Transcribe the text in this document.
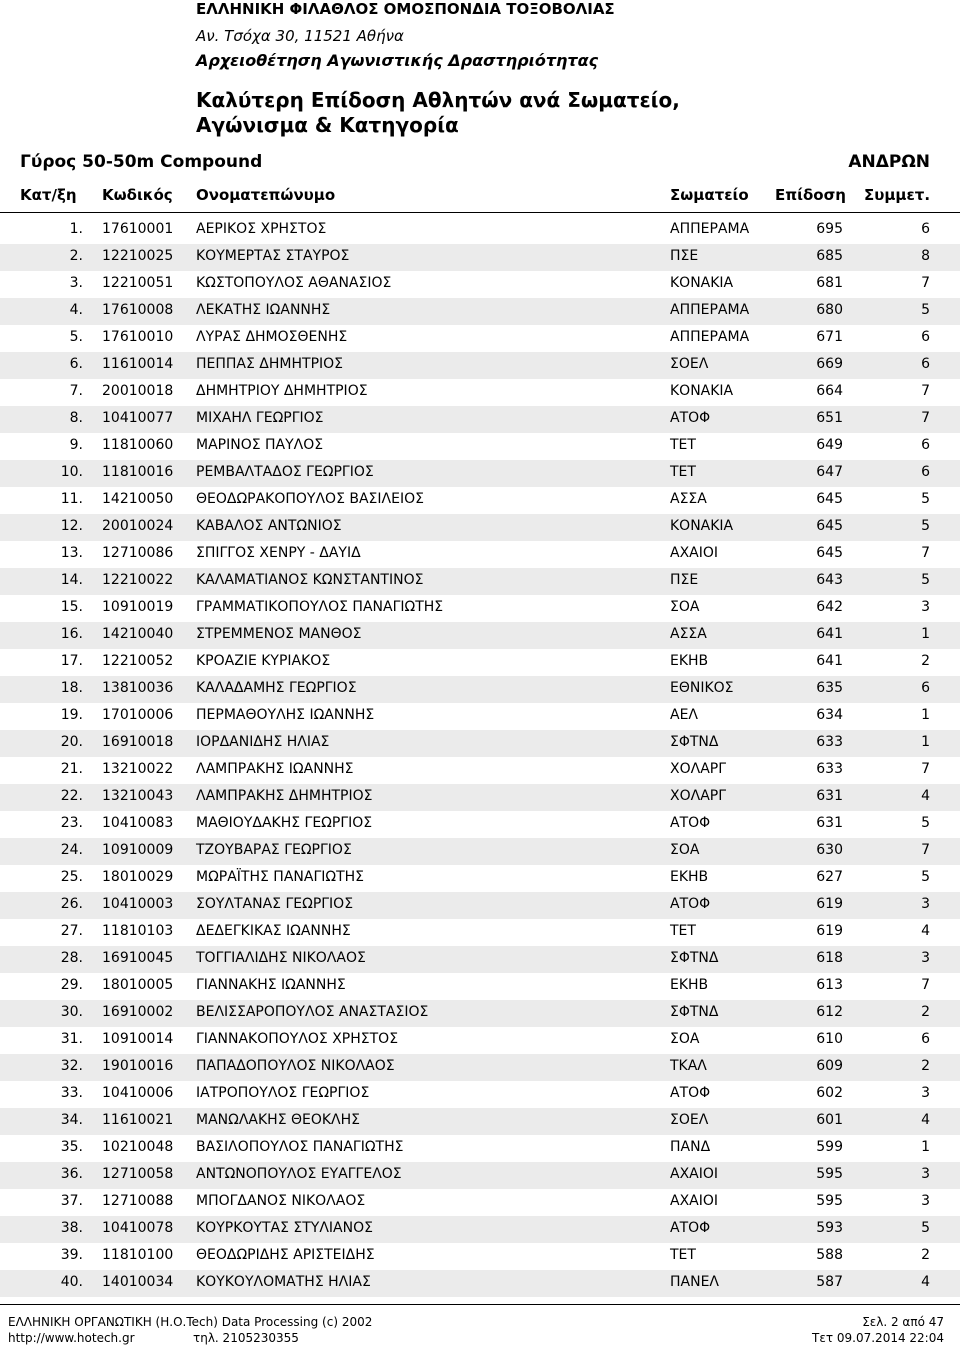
ΕΛΛΗΝΙΚΗ ΦΙΛΑΘΛΟΣ ΟΜΟΣΠΟΝΔΙΑ ΤΟΞΟΒΟΛΙΑΣ
Αν. Τσόχα 30, 11521 Αθήνα
Αρχειοθέτηση Αγωνιστικής Δραστηριότητας
Καλύτερη Επίδοση Αθλητών ανά Σωματείο,
Αγώνισμα & Κατηγορία
Γύρος 50-50m Compound	ΑΝΔΡΩΝ
Κατ/ξη Κωδικός Ονοματεπώνυμο	Σωματείο Επίδοση Συμμετ.
1. 17610001 ΑΕΡΙΚΟΣ ΧΡΗΣΤΟΣ	ΑΠΠΕΡΑΜΑ	695	6
2. 12210025 ΚΟΥΜΕΡΤΑΣ ΣΤΑΥΡΟΣ	ΠΣΕ	685	8
3. 12210051 ΚΩΣΤΟΠΟΥΛΟΣ ΑΘΑΝΑΣΙΟΣ	ΚΟΝΑΚΙΑ	681	7
4. 17610008 ΛΕΚΑΤΗΣ ΙΩΑΝΝΗΣ	ΑΠΠΕΡΑΜΑ	680	5
5. 17610010 ΛΥΡΑΣ ΔΗΜΟΣΘΕΝΗΣ	ΑΠΠΕΡΑΜΑ	671	6
6. 11610014 ΠΕΠΠΑΣ ΔΗΜΗΤΡΙΟΣ	ΣΟΕΛ	669	6
7. 20010018 ΔΗΜΗΤΡΙΟΥ ΔΗΜΗΤΡΙΟΣ	ΚΟΝΑΚΙΑ	664	7
8. 10410077 ΜΙΧΑΗΛ ΓΕΩΡΓΙΟΣ	ΑΤΟΦ	651	7
9. 11810060 ΜΑΡΙΝΟΣ ΠΑΥΛΟΣ	ΤΕΤ	649	6
10. 11810016 ΡΕΜΒΑΛΤΑΔΟΣ ΓΕΩΡΓΙΟΣ	ΤΕΤ	647	6
11. 14210050 ΘΕΟΔΩΡΑΚΟΠΟΥΛΟΣ ΒΑΣΙΛΕΙΟΣ	ΑΣΣΑ	645	5
12. 20010024 ΚΑΒΑΛΟΣ ΑΝΤΩΝΙΟΣ	ΚΟΝΑΚΙΑ	645	5
13. 12710086 ΣΠΙΓΓΟΣ ΧΕΝΡΥ - ΔΑΥΙΔ	ΑΧΑΙΟΙ	645	7
14. 12210022 ΚΑΛΑΜΑΤΙΑΝΟΣ ΚΩΝΣΤΑΝΤΙΝΟΣ	ΠΣΕ	643	5
15. 10910019 ΓΡΑΜΜΑΤΙΚΟΠΟΥΛΟΣ ΠΑΝΑΓΙΩΤΗΣ	ΣΟΑ	642	3
16. 14210040 ΣΤΡΕΜΜΕΝΟΣ ΜΑΝΘΟΣ	ΑΣΣΑ	641	1
17. 12210052 ΚΡΟΑΖΙΕ ΚΥΡΙΑΚΟΣ	ΕΚΗΒ	641	2
18. 13810036 ΚΑΛΑΔΑΜΗΣ ΓΕΩΡΓΙΟΣ	ΕΘΝΙΚΟΣ	635	6
19. 17010006 ΠΕΡΜΑΘΟΥΛΗΣ ΙΩΑΝΝΗΣ	ΑΕΛ	634	1
20. 16910018 ΙΟΡΔΑΝΙΔΗΣ ΗΛΙΑΣ	ΣΦΤΝΔ	633	1
21. 13210022 ΛΑΜΠΡΑΚΗΣ ΙΩΑΝΝΗΣ	ΧΟΛΑΡΓ	633	7
22. 13210043 ΛΑΜΠΡΑΚΗΣ ΔΗΜΗΤΡΙΟΣ	ΧΟΛΑΡΓ	631	4
23. 10410083 ΜΑΘΙΟΥΔΑΚΗΣ ΓΕΩΡΓΙΟΣ	ΑΤΟΦ	631	5
24. 10910009 ΤΖΟΥΒΑΡΑΣ ΓΕΩΡΓΙΟΣ	ΣΟΑ	630	7
25. 18010029 ΜΩΡΑΪΤΗΣ ΠΑΝΑΓΙΩΤΗΣ	ΕΚΗΒ	627	5
26. 10410003 ΣΟΥΛΤΑΝΑΣ ΓΕΩΡΓΙΟΣ	ΑΤΟΦ	619	3
27. 11810103 ΔΕΔΕΓΚΙΚΑΣ ΙΩΑΝΝΗΣ	ΤΕΤ	619	4
28. 16910045 ΤΟΓΓΙΑΛΙΔΗΣ ΝΙΚΟΛΑΟΣ	ΣΦΤΝΔ	618	3
29. 18010005 ΓΙΑΝΝΑΚΗΣ ΙΩΑΝΝΗΣ	ΕΚΗΒ	613	7
30. 16910002 ΒΕΛΙΣΣΑΡΟΠΟΥΛΟΣ ΑΝΑΣΤΑΣΙΟΣ	ΣΦΤΝΔ	612	2
31. 10910014 ΓΙΑΝΝΑΚΟΠΟΥΛΟΣ ΧΡΗΣΤΟΣ	ΣΟΑ	610	6
32. 19010016 ΠΑΠΑΔΟΠΟΥΛΟΣ ΝΙΚΟΛΑΟΣ	ΤΚΑΛ	609	2
33. 10410006 ΙΑΤΡΟΠΟΥΛΟΣ ΓΕΩΡΓΙΟΣ	ΑΤΟΦ	602	3
34. 11610021 ΜΑΝΩΛΑΚΗΣ ΘΕΟΚΛΗΣ	ΣΟΕΛ	601	4
35. 10210048 ΒΑΣΙΛΟΠΟΥΛΟΣ ΠΑΝΑΓΙΩΤΗΣ	ΠΑΝΔ	599	1
36. 12710058 ΑΝΤΩΝΟΠΟΥΛΟΣ ΕΥΑΓΓΕΛΟΣ	ΑΧΑΙΟΙ	595	3
37. 12710088 ΜΠΟΓΔΑΝΟΣ ΝΙΚΟΛΑΟΣ	ΑΧΑΙΟΙ	595	3
38. 10410078 ΚΟΥΡΚΟΥΤΑΣ ΣΤΥΛΙΑΝΟΣ	ΑΤΟΦ	593	5
39. 11810100 ΘΕΟΔΩΡΙΔΗΣ ΑΡΙΣΤΕΙΔΗΣ	ΤΕΤ	588	2
40. 14010034 ΚΟΥΚΟΥΛΟΜΑΤΗΣ ΗΛΙΑΣ	ΠΑΝΕΛ	587	4
ΕΛΛΗΝΙΚΗ ΟΡΓΑΝΩΤΙΚΗ (Η.Ο.Tech) Data Processing (c) 2002
http://www.hotech.gr	τηλ. 2105230355
Σελ. 2 από 47
Τετ 09.07.2014 22:04
